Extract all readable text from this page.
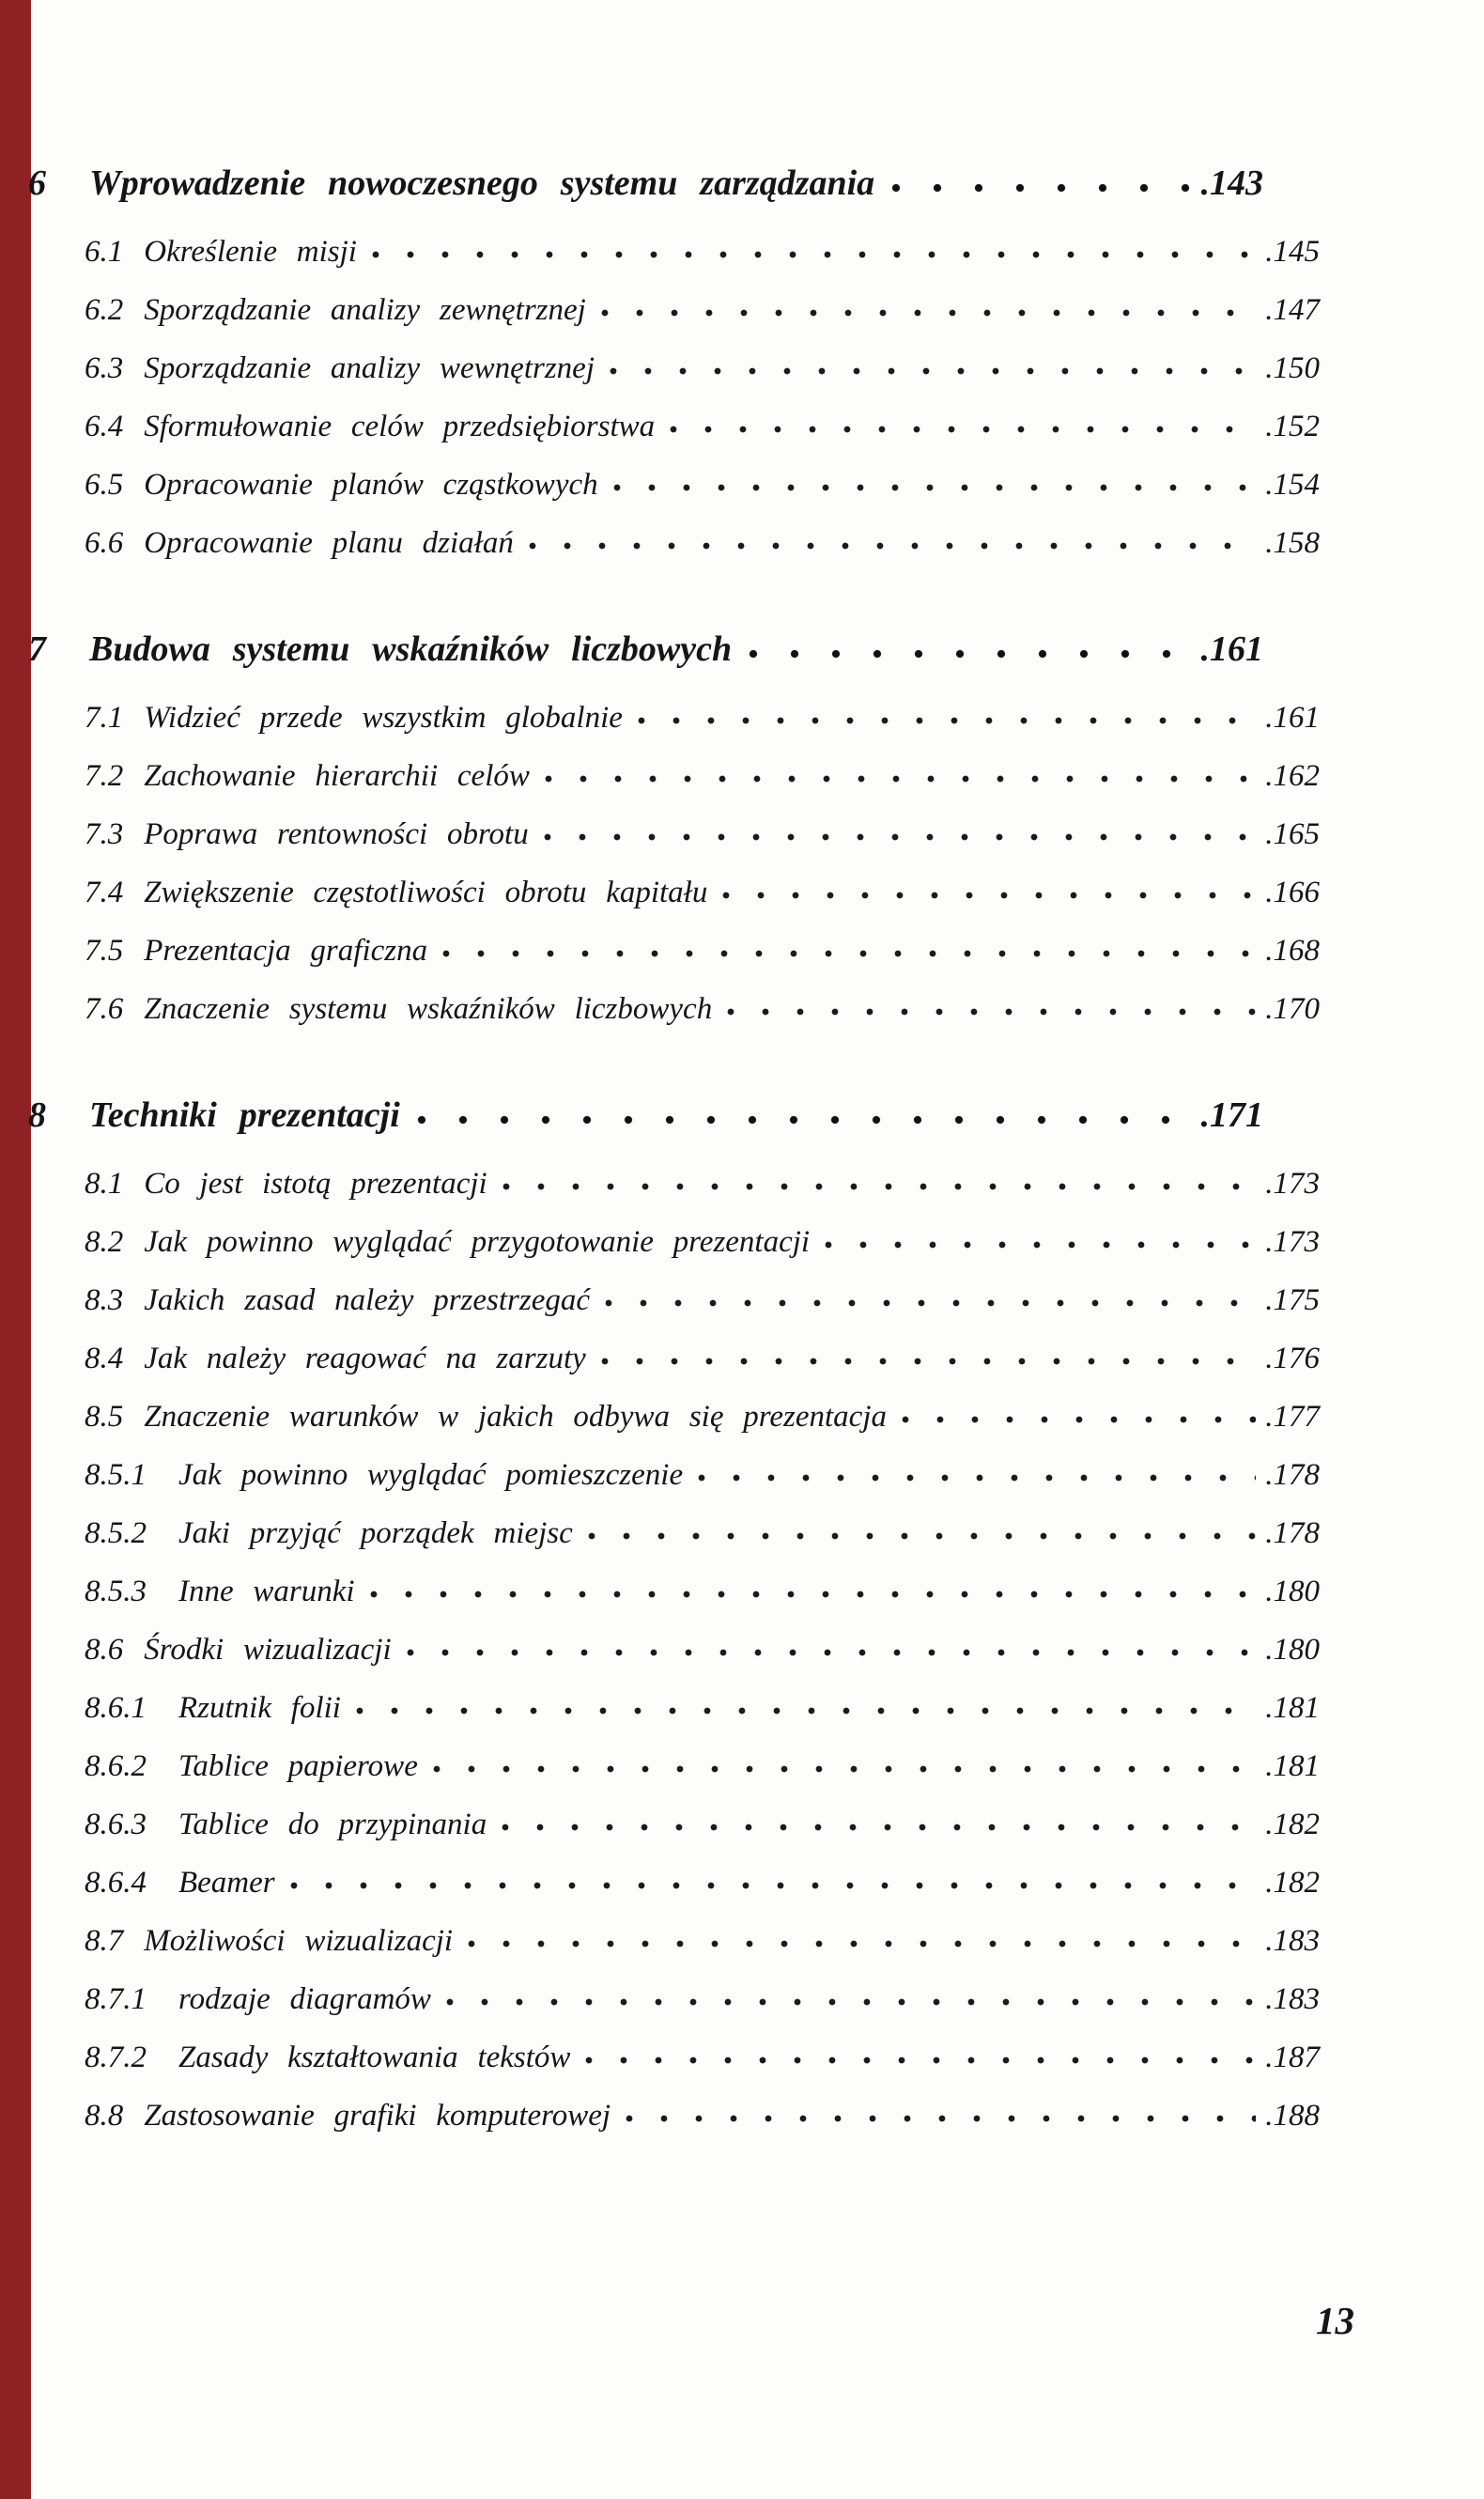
6 Wprowadzenie nowoczesnego systemu zarządzania	. 143
6.1 Określenie misji	. 145
6.2 Sporządzanie analizy zewnętrznej	. 147
6.3 Sporządzanie analizy wewnętrznej	. 150
6.4 Sformułowanie celów przedsiębiorstwa	. 152
6.5 Opracowanie planów cząstkowych	. 154
6.6 Opracowanie planu działań	. 158
7 Budowa systemu wskaźników liczbowych	. 161
7.1 Widzieć przede wszystkim globalnie	. 161
7.2 Zachowanie hierarchii celów	. 162
7.3 Poprawa rentowności obrotu	. 165
7.4 Zwiększenie częstotliwości obrotu kapitału	. 166
7.5 Prezentacja graficzna	. 168
7.6 Znaczenie systemu wskaźników liczbowych	. 170
8 Techniki prezentacji	. 171
8.1 Co jest istotą prezentacji	. 173
8.2 Jak powinno wyglądać przygotowanie prezentacji	. 173
8.3 Jakich zasad należy przestrzegać	. 175
8.4 Jak należy reagować na zarzuty	. 176
8.5 Znaczenie warunków w jakich odbywa się prezentacja	. 177
8.5.1 Jak powinno wyglądać pomieszczenie	. 178
8.5.2 Jaki przyjąć porządek miejsc	. 178
8.5.3 Inne warunki	. 180
8.6 Środki wizualizacji	. 180
8.6.1 Rzutnik folii	. 181
8.6.2 Tablice papierowe	. 181
8.6.3 Tablice do przypinania	. 182
8.6.4 Beamer	. 182
8.7 Możliwości wizualizacji	. 183
8.7.1 rodzaje diagramów	. 183
8.7.2 Zasady kształtowania tekstów	. 187
8.8 Zastosowanie grafiki komputerowej	. 188
13
